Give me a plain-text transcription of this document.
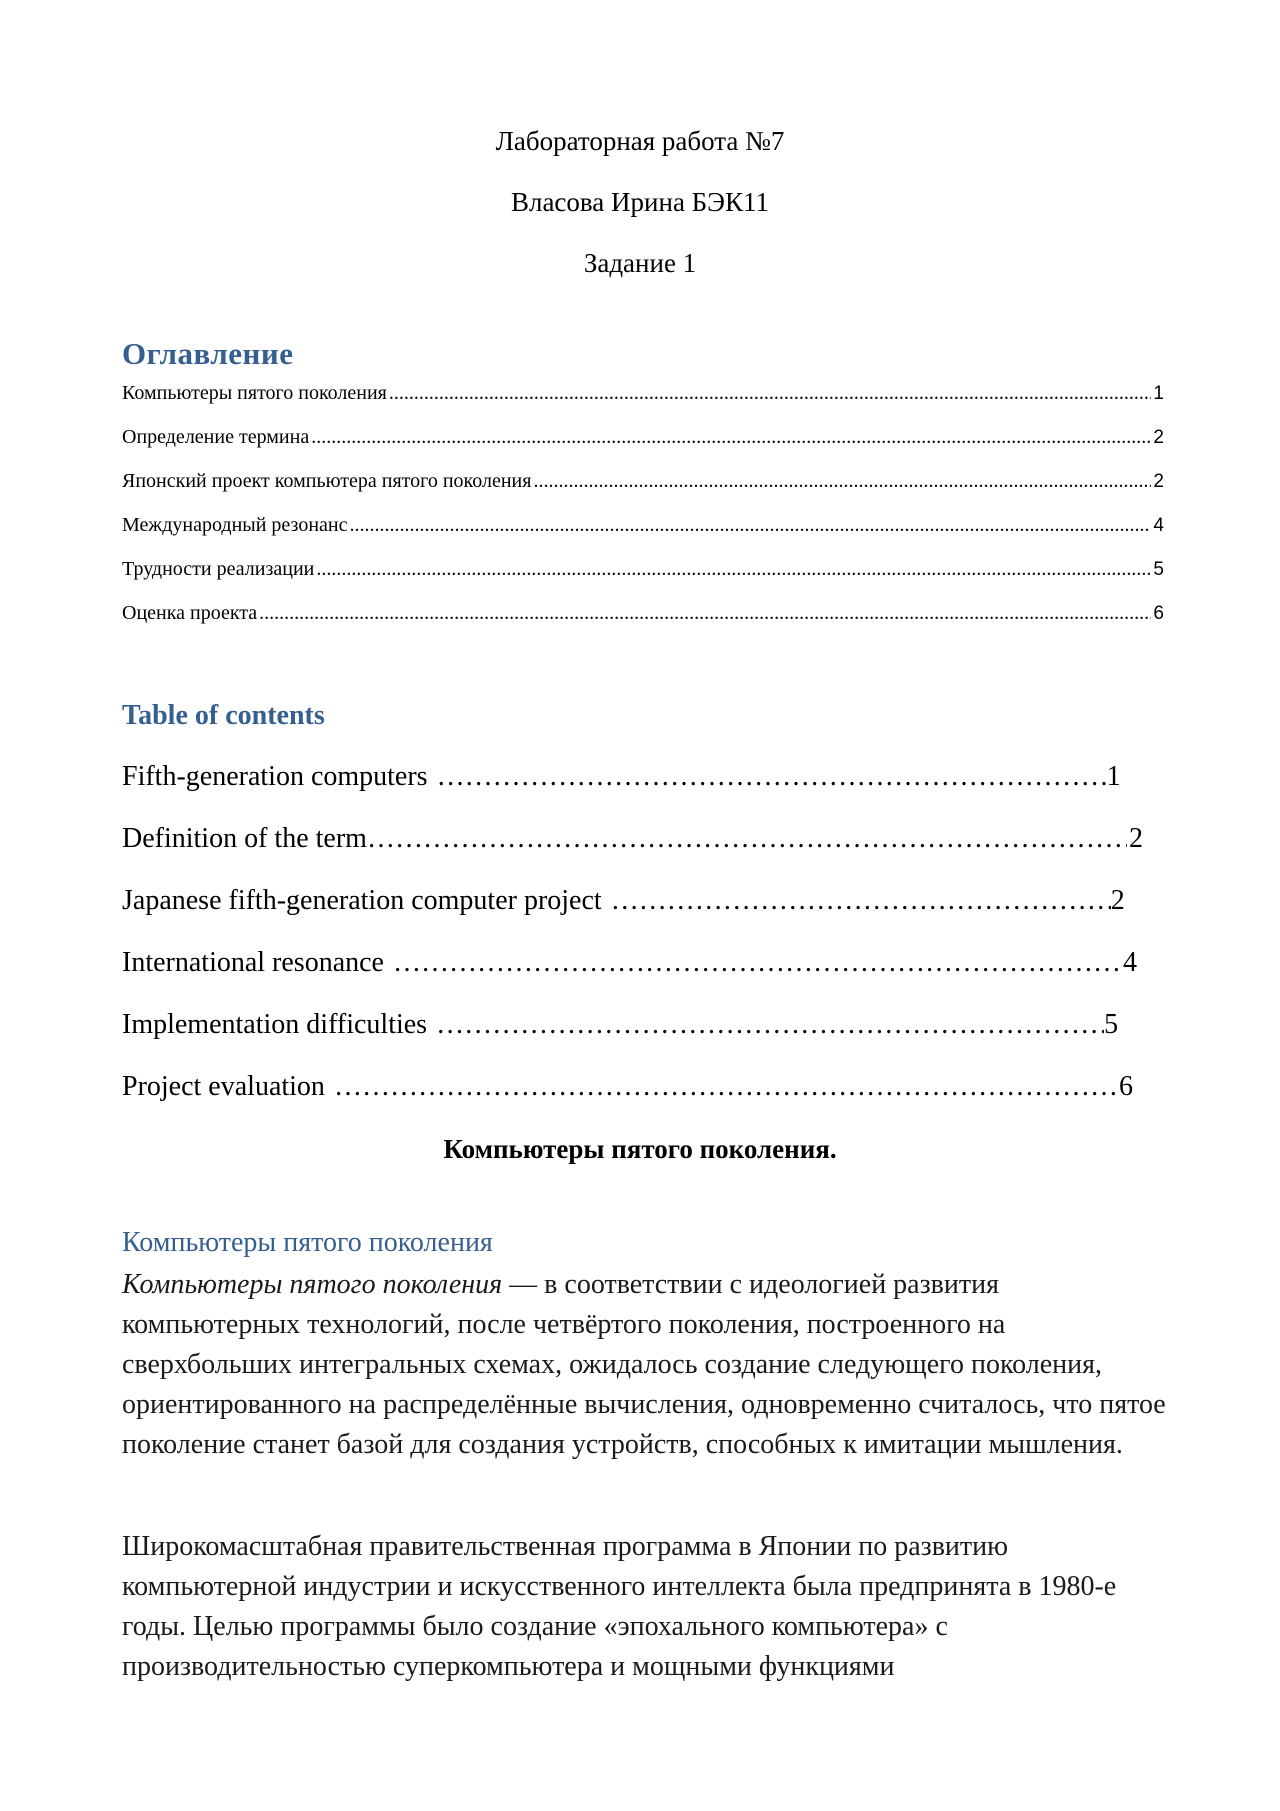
Лабораторная работа №7
Власова Ирина БЭК11
Задание 1
Оглавление
Компьютеры пятого поколения .....	1
Определение термина .....	2
Японский проект компьютера пятого поколения .....	2
Международный резонанс .....	4
Трудности реализации .....	5
Оценка проекта .....	6
Table of contents
Fifth-generation computers ……………………………………………………………………………………………………………………………………………………………………	1
Definition of the term ……………………………………………………………………………………………………………………………………………………………………	2
Japanese fifth-generation computer project ……………………………………………………………………………………………………………………………………………………………………	2
International resonance ……………………………………………………………………………………………………………………………………………………………………	4
Implementation difficulties ……………………………………………………………………………………………………………………………………………………………………	5
Project evaluation ……………………………………………………………………………………………………………………………………………………………………	6
Компьютеры пятого поколения.
Компьютеры пятого поколения

Компьютеры пятого поколения — в соответствии с идеологией развития компьютерных технологий, после четвёртого поколения, построенного на сверхбольших интегральных схемах, ожидалось создание следующего поколения, ориентированного на распределённые вычисления, одновременно считалось, что пятое поколение станет базой для создания устройств, способных к имитации мышления.

Широкомасштабная правительственная программа в Японии по развитию компьютерной индустрии и искусственного интеллекта была предпринята в 1980-е годы. Целью программы было создание «эпохального компьютера» с производительностью суперкомпьютера и мощными функциями
